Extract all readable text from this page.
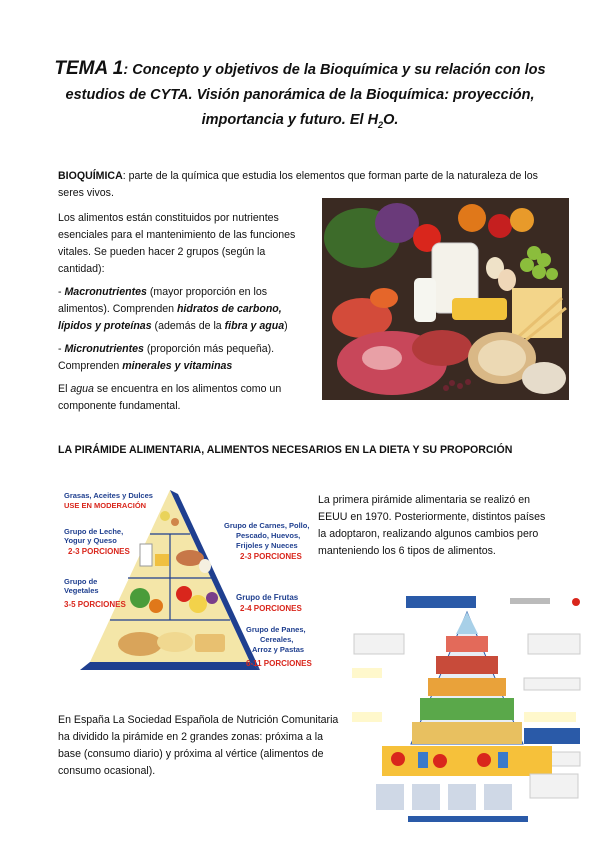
TEMA 1: Concepto y objetivos de la Bioquímica y su relación con los
estudios de CYTA. Visión panorámica de la Bioquímica: proyección,
importancia y futuro. El $H_2O$.
BIOQUÍMICA: parte de la química que estudia los elementos que forman parte de la naturaleza de los seres vivos.

Los alimentos están constituidos por nutrientes esenciales para el mantenimiento de las funciones vitales. Se pueden hacer 2 grupos (según la cantidad):

- Macronutrientes (mayor proporción en los alimentos). Comprenden hidratos de carbono, lípidos y proteínas (además de la fibra y agua)

- Micronutrientes (proporción más pequeña). Comprenden minerales y vitaminas

El agua se encuentra en los alimentos como un componente fundamental.

LA PIRÁMIDE ALIMENTARIA, ALIMENTOS NECESARIOS EN LA DIETA Y SU PROPORCIÓN
Grasas, Aceites y Dulces
USE EN MODERACIÓN
Grupo de Leche,
Yogur y Queso
2-3 PORCIONES
Grupo de Carnes, Pollo,
Pescado, Huevos,
Frijoles y Nueces
2-3 PORCIONES
Grupo de
Vegetales
3-5 PORCIONES
Grupo de Frutas
2-4 PORCIONES
Grupo de Panes,
Cereales,
Arroz y Pastas
6-11 PORCIONES
La primera pirámide alimentaria se realizó en EEUU en 1970. Posteriormente, distintos países la adoptaron, realizando algunos cambios pero manteniendo los 6 tipos de alimentos.
En España La Sociedad Española de Nutrición Comunitaria ha dividido la pirámide en 2 grandes zonas: próxima a la base (consumo diario) y próxima al vértice (alimentos de consumo ocasional).
